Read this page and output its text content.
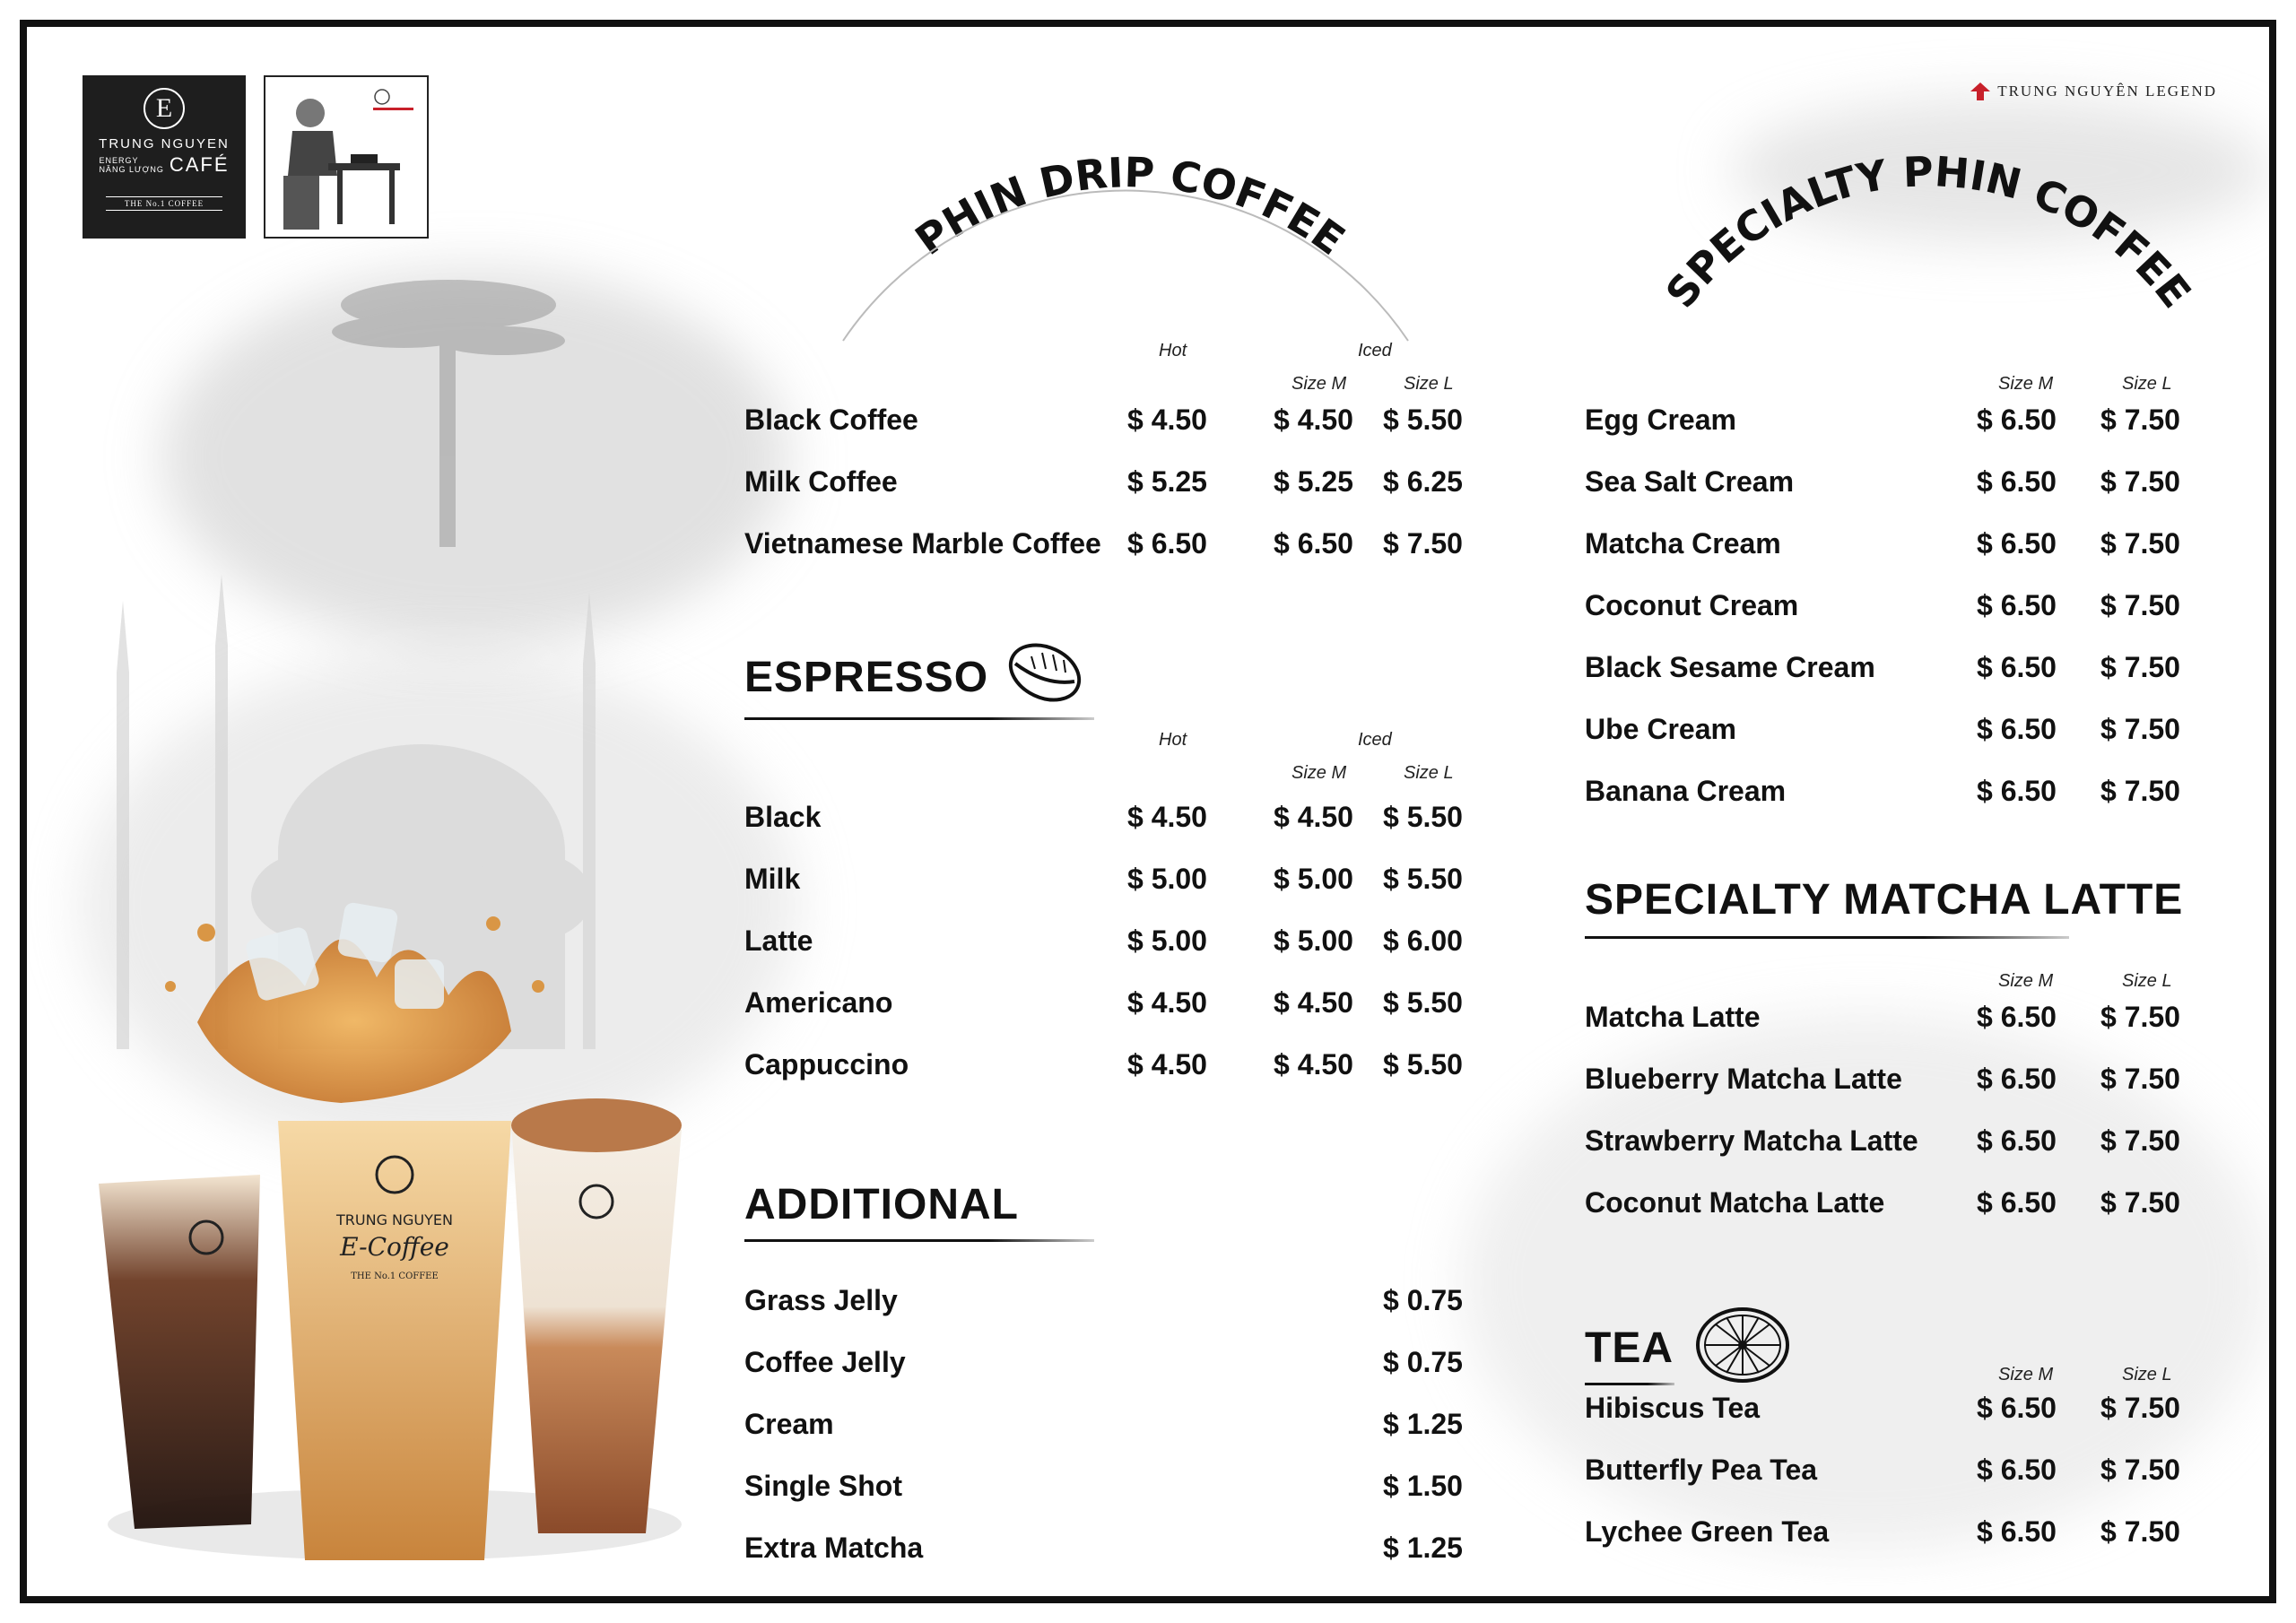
E
TRUNG NGUYEN
ENERGY
NĂNG LƯỢNG CAFÉ
THE No.1 COFFEE
TRUNG NGUYÊN LEGEND
PHIN DRIP COFFEE
SPECIALTY PHIN COFFEE
Hot	Iced
Size M	Size L
Black Coffee	$ 4.50 $ 4.50 $ 5.50
Milk Coffee	$ 5.25 $ 5.25 $ 6.25
Vietnamese Marble Coffee $ 6.50 $ 6.50 $ 7.50
ESPRESSO
Hot	Iced
Size M	Size L
Black	$ 4.50 $ 4.50 $ 5.50
Milk	$ 5.00 $ 5.00 $ 5.50
Latte	$ 5.00 $ 5.00 $ 6.00
Americano	$ 4.50 $ 4.50 $ 5.50
Cappuccino	$ 4.50 $ 4.50 $ 5.50
ADDITIONAL
Grass Jelly	$ 0.75
Coffee Jelly	$ 0.75
Cream	$ 1.25
Single Shot	$ 1.50
Extra Matcha	$ 1.25
Size M	Size L
Egg Cream	$ 6.50 $ 7.50
Sea Salt Cream	$ 6.50 $ 7.50
Matcha Cream	$ 6.50 $ 7.50
Coconut Cream	$ 6.50 $ 7.50
Black Sesame Cream	$ 6.50 $ 7.50
Ube Cream	$ 6.50 $ 7.50
Banana Cream	$ 6.50 $ 7.50
SPECIALTY MATCHA LATTE
Size M	Size L
Matcha Latte	$ 6.50 $ 7.50
Blueberry Matcha Latte	$ 6.50 $ 7.50
Strawberry Matcha Latte $ 6.50 $ 7.50
Coconut Matcha Latte	$ 6.50 $ 7.50
TEA
Size M	Size L
Hibiscus Tea	$ 6.50 $ 7.50
Butterfly Pea Tea	$ 6.50 $ 7.50
Lychee Green Tea	$ 6.50 $ 7.50
TRUNG NGUYEN
E-Coffee
THE No.1 COFFEE
